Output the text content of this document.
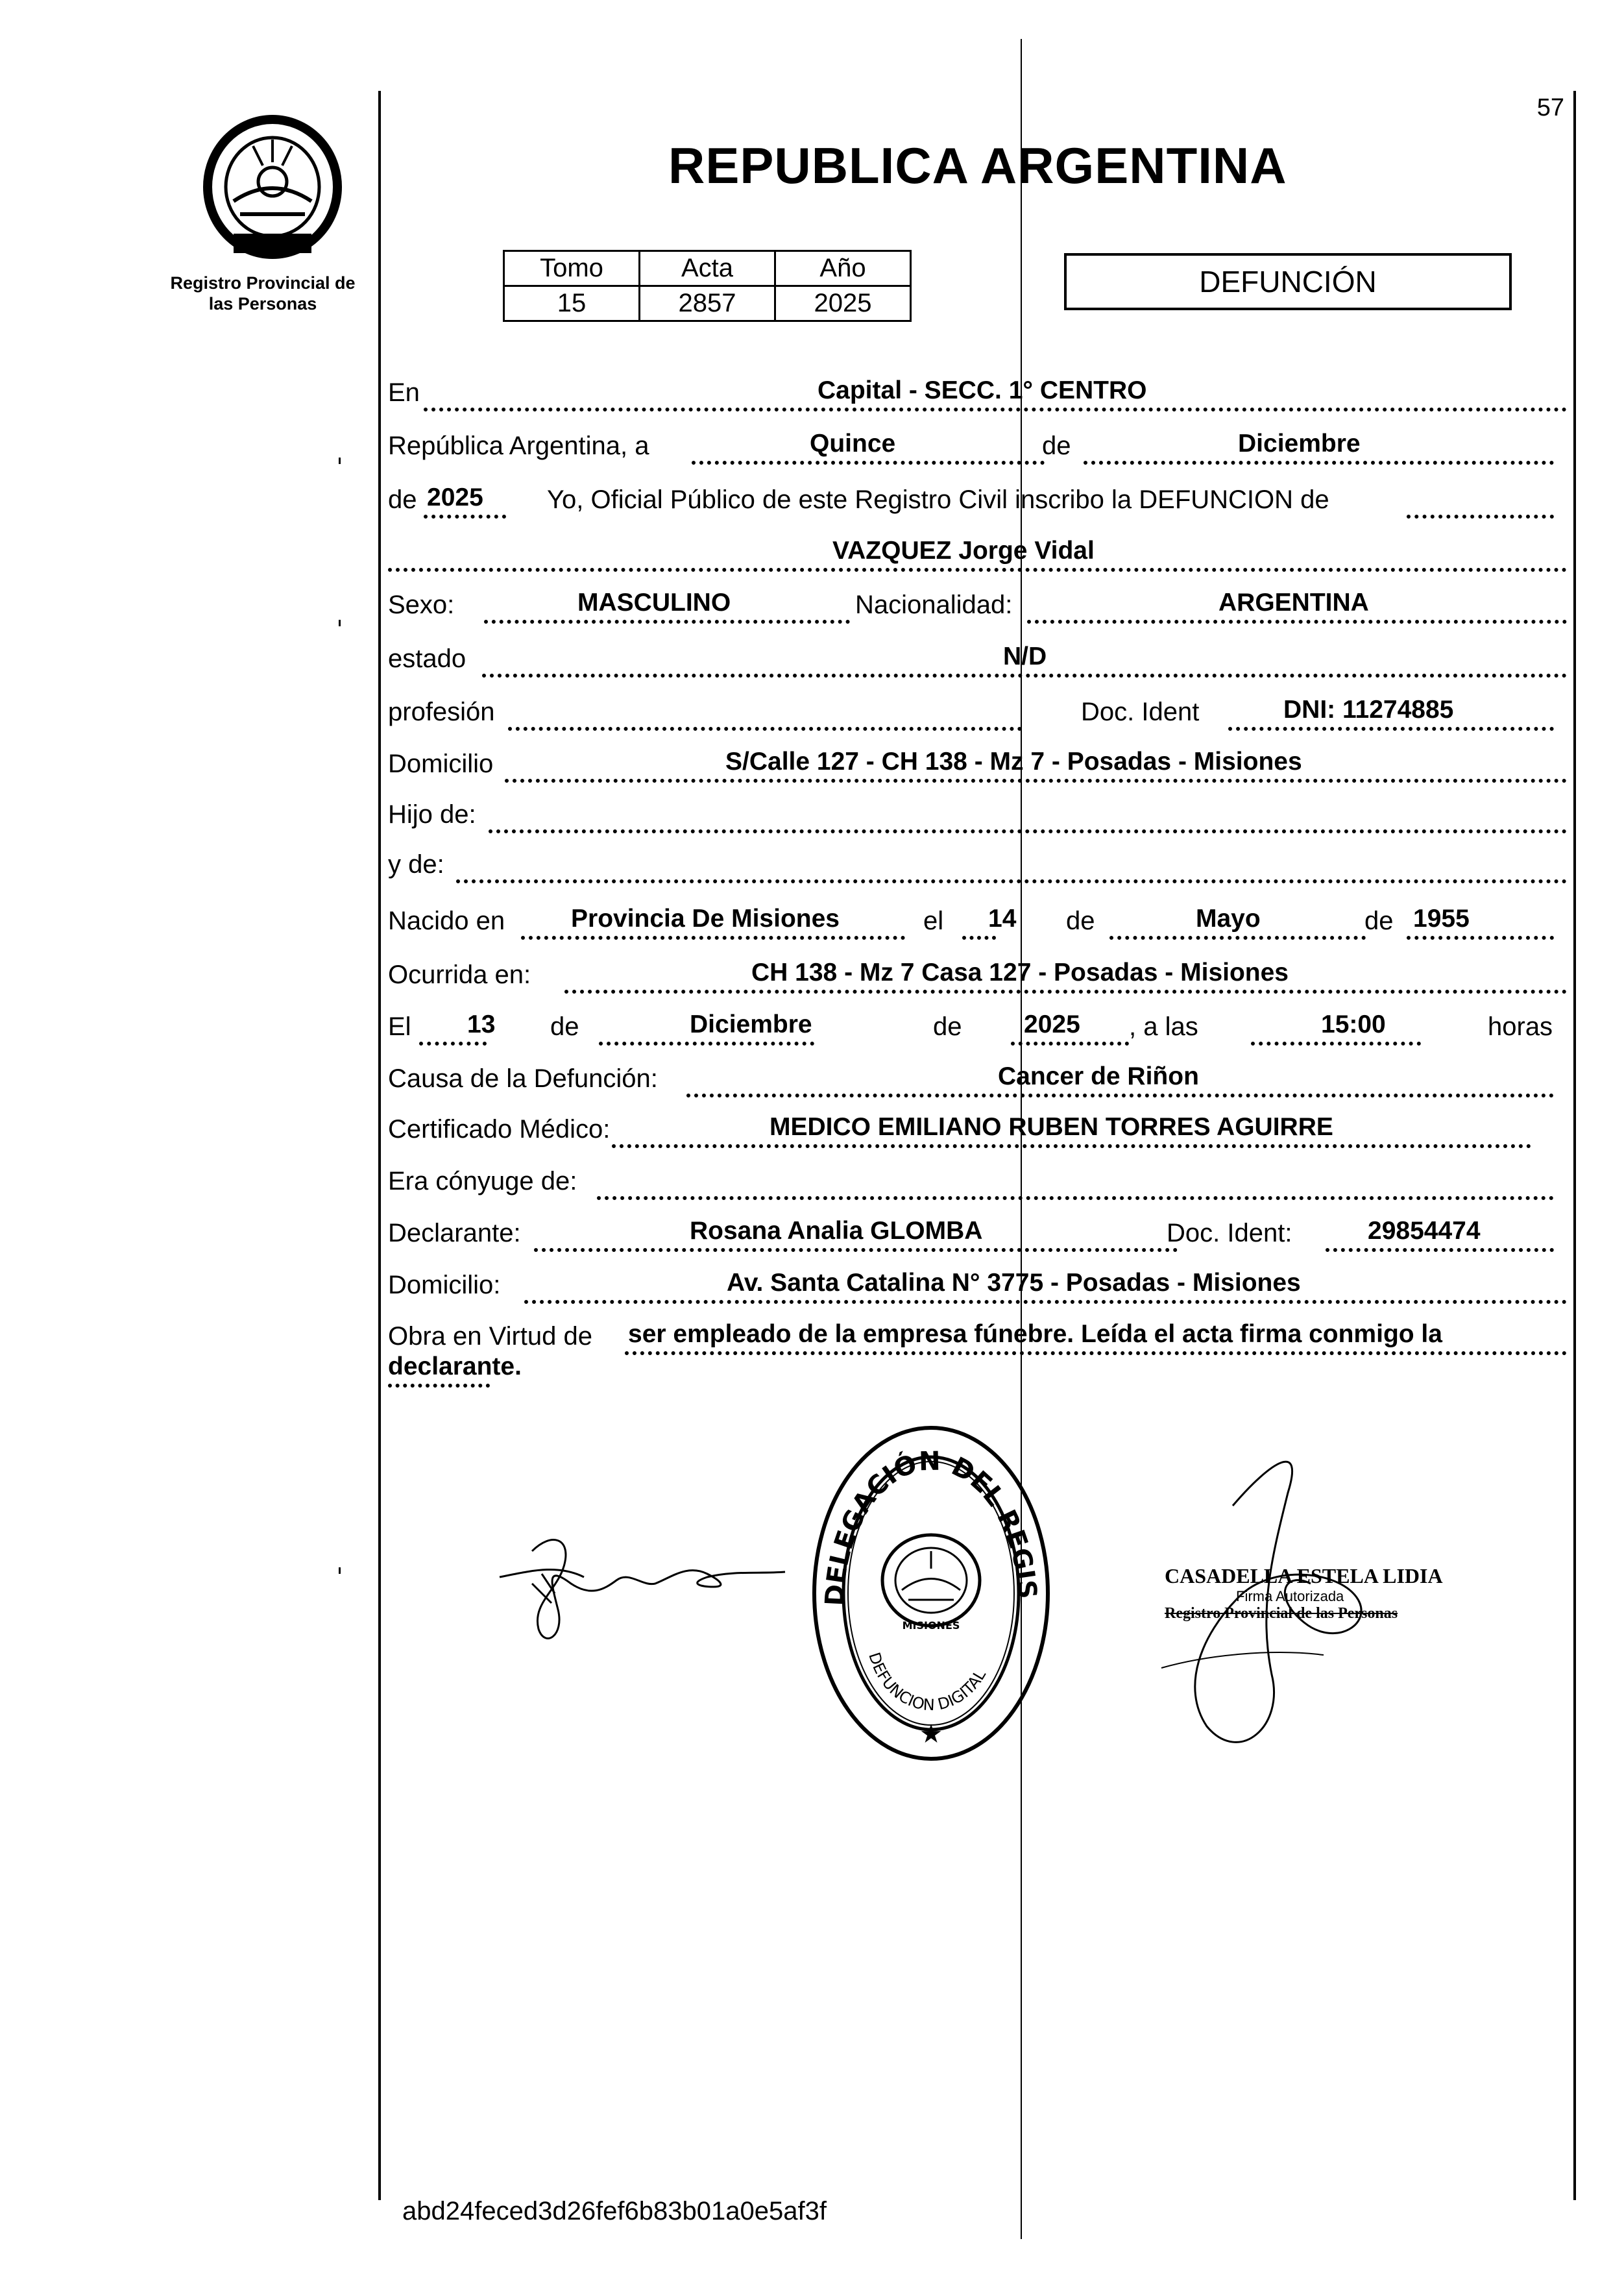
Registro Provincial de las Personas
57
REPUBLICA ARGENTINA
Tomo	Acta	Año
15	2857	2025
DEFUNCIÓN
En	Capital - SECC. 1° CENTRO
República Argentina, a	Quince	de	Diciembre
de 2025 Yo, Oficial Público de este Registro Civil inscribo la DEFUNCION de
VAZQUEZ Jorge Vidal
Sexo:	MASCULINO	Nacionalidad:	ARGENTINA
estado	N/D
profesión	Doc. Ident	DNI: 11274885
Domicilio	S/Calle 127 - CH 138 - Mz 7 - Posadas - Misiones
Hijo de:
y de:
Nacido en	Provincia De Misiones	el 14 de	Mayo	de 1955
Ocurrida en:	CH 138 - Mz 7 Casa 127 - Posadas - Misiones
El 13 de	Diciembre	de 2025 , a las	15:00	horas
Causa de la Defunción:	Cancer de Riñon
Certificado Médico:	MEDICO EMILIANO RUBEN TORRES AGUIRRE
Era cónyuge de:
Declarante:	Rosana Analia GLOMBA	Doc. Ident:	29854474
Domicilio:	Av. Santa Catalina N° 3775 - Posadas - Misiones
Obra en Virtud de ser empleado de la empresa fúnebre. Leída el acta firma conmigo la
declarante.
DELEGACIÓN DEL REGISTRO DE LAS PERSONAS
DEFUNCION DIGITAL
MISIONES
★
CASADELLA ESTELA LIDIA
Firma Autorizada
Registro Provincial de las Personas
abd24feced3d26fef6b83b01a0e5af3f
